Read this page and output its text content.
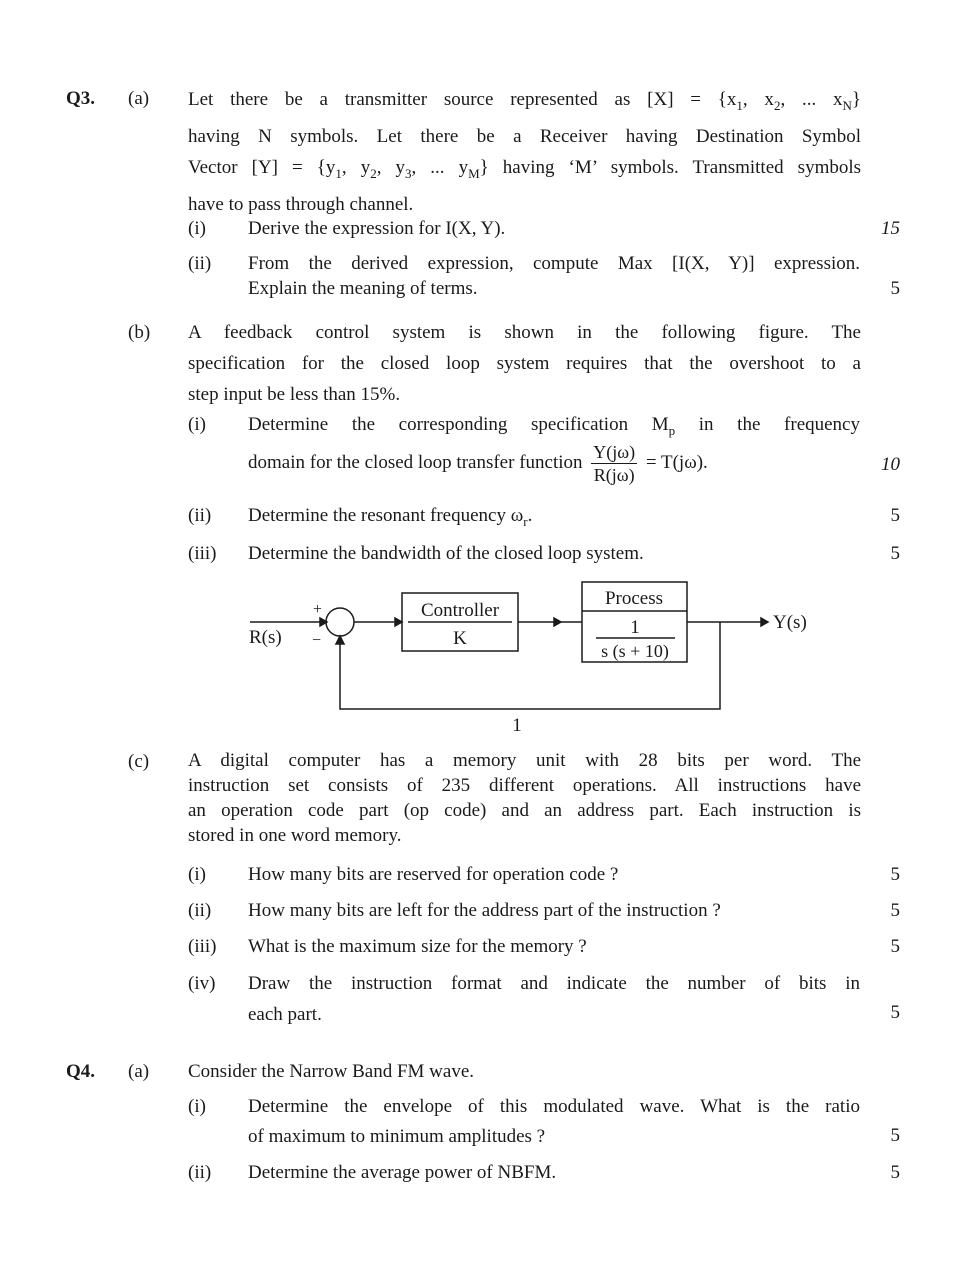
Q3. (a) Let there be a transmitter source represented as $[X] = \{x_1$, $x_2$, ... $x_N$}
having N symbols. Let there be a Receiver having Destination Symbol
Vector $[Y] = \{y_1$, $y_2$, $y_3$, ... $y_M$} having ‘M’ symbols. Transmitted symbols
have to pass through channel.
(i) Derive the expression for I(X, Y).	15
(ii) From the derived expression, compute Max [I(X, Y)] expression.
Explain the meaning of terms.	5
(b) A feedback control system is shown in the following figure. The
specification for the closed loop system requires that the overshoot to a
step input be less than 15%.
(i) Determine the corresponding specification $M_p$ in the frequency
domain for the closed loop transfer function $\frac{Y(j\omega)}{R(j\omega)} = T(j\omega)$.	10
(ii) Determine the resonant frequency $\omega_r$.	5
(iii) Determine the bandwidth of the closed loop system.	5
R(s)
+
−
Controller
K
Process
1
s (s + 10)
Y(s)
1
(c) A digital computer has a memory unit with 28 bits per word. The
instruction set consists of 235 different operations. All instructions have
an operation code part (op code) and an address part. Each instruction is
stored in one word memory.
(i) How many bits are reserved for operation code ?	5
(ii) How many bits are left for the address part of the instruction ?	5
(iii) What is the maximum size for the memory ?	5
(iv) Draw the instruction format and indicate the number of bits in
each part.	5
Q4. (a) Consider the Narrow Band FM wave.
(i) Determine the envelope of this modulated wave. What is the ratio
of maximum to minimum amplitudes ?	5
(ii) Determine the average power of NBFM.	5
